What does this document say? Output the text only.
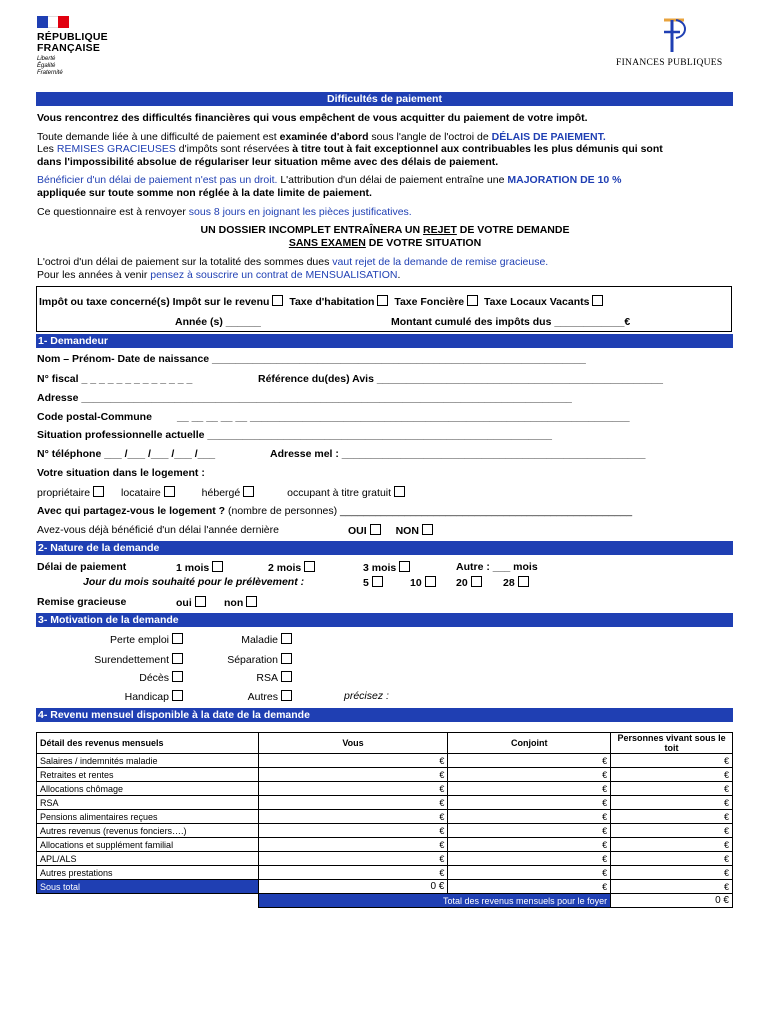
RÉPUBLIQUE
FRANÇAISE
Liberté
Égalité
Fraternité
FINANCES PUBLIQUES
Difficultés de paiement
Vous rencontrez des difficultés financières qui vous empêchent de vous acquitter du paiement de votre impôt.
Toute demande liée à une difficulté de paiement est examinée d'abord sous l'angle de l'octroi de DÉLAIS DE PAIEMENT.
Les REMISES GRACIEUSES d'impôts sont réservées à titre tout à fait exceptionnel aux contribuables les plus démunis qui sont
dans l'impossibilité absolue de régulariser leur situation même avec des délais de paiement.
Bénéficier d'un délai de paiement n'est pas un droit. L'attribution d'un délai de paiement entraîne une MAJORATION DE 10 %
appliquée sur toute somme non réglée à la date limite de paiement.
Ce questionnaire est à renvoyer sous 8 jours en joignant les pièces justificatives.
UN DOSSIER INCOMPLET ENTRAÎNERA UN REJET DE VOTRE DEMANDE
SANS EXAMEN DE VOTRE SITUATION
L'octroi d'un délai de paiement sur la totalité des sommes dues vaut rejet de la demande de remise gracieuse.
Pour les années à venir pensez à souscrire un contrat de MENSUALISATION.
Impôt ou taxe concerné(s) Impôt sur le revenu Taxe d'habitation Taxe Foncière Taxe Locaux Vacants
Année (s) ______	Montant cumulé des impôts dus ____________€
1- Demandeur
Nom – Prénom- Date de naissance ________________________________________________________________
N° fiscal _ _ _ _ _ _ _ _ _ _ _ _ _	Référence du(des) Avis _________________________________________________
Adresse ____________________________________________________________________________________
Code postal-Commune __ __ __ __ __ _________________________________________________________________
Situation professionnelle actuelle ___________________________________________________________
N° téléphone ___ /___ /___ /___ /___	Adresse mel : ____________________________________________________
Votre situation dans le logement :
propriétaire	locataire	hébergé	occupant à titre gratuit
Avec qui partagez-vous le logement ? (nombre de personnes) __________________________________________________
Avez-vous déjà bénéficié d'un délai l'année dernière	OUI	NON
2- Nature de la demande
Délai de paiement	1 mois	2 mois	3 mois	Autre : ___ mois
Jour du mois souhaité pour le prélèvement :	5	10	20	28
Remise gracieuse	oui	non
3- Motivation de la demande
Perte emploi	Maladie
Surendettement	Séparation
Décès	RSA
Handicap	Autres	précisez :
4- Revenu mensuel disponible à la date de la demande
Détail des revenus mensuels	Vous	Conjoint	Personnes vivant sous le toit
Salaires / indemnités maladie	€	€	€
Retraites et rentes	€	€	€
Allocations chômage	€	€	€
RSA	€	€	€
Pensions alimentaires reçues	€	€	€
Autres revenus (revenus fonciers….)	€	€	€
Allocations et supplément familial	€	€	€
APL/ALS	€	€	€
Autres prestations	€	€	€
Sous total	0 €	€	€
	Total des revenus mensuels pour le foyer		0 €
